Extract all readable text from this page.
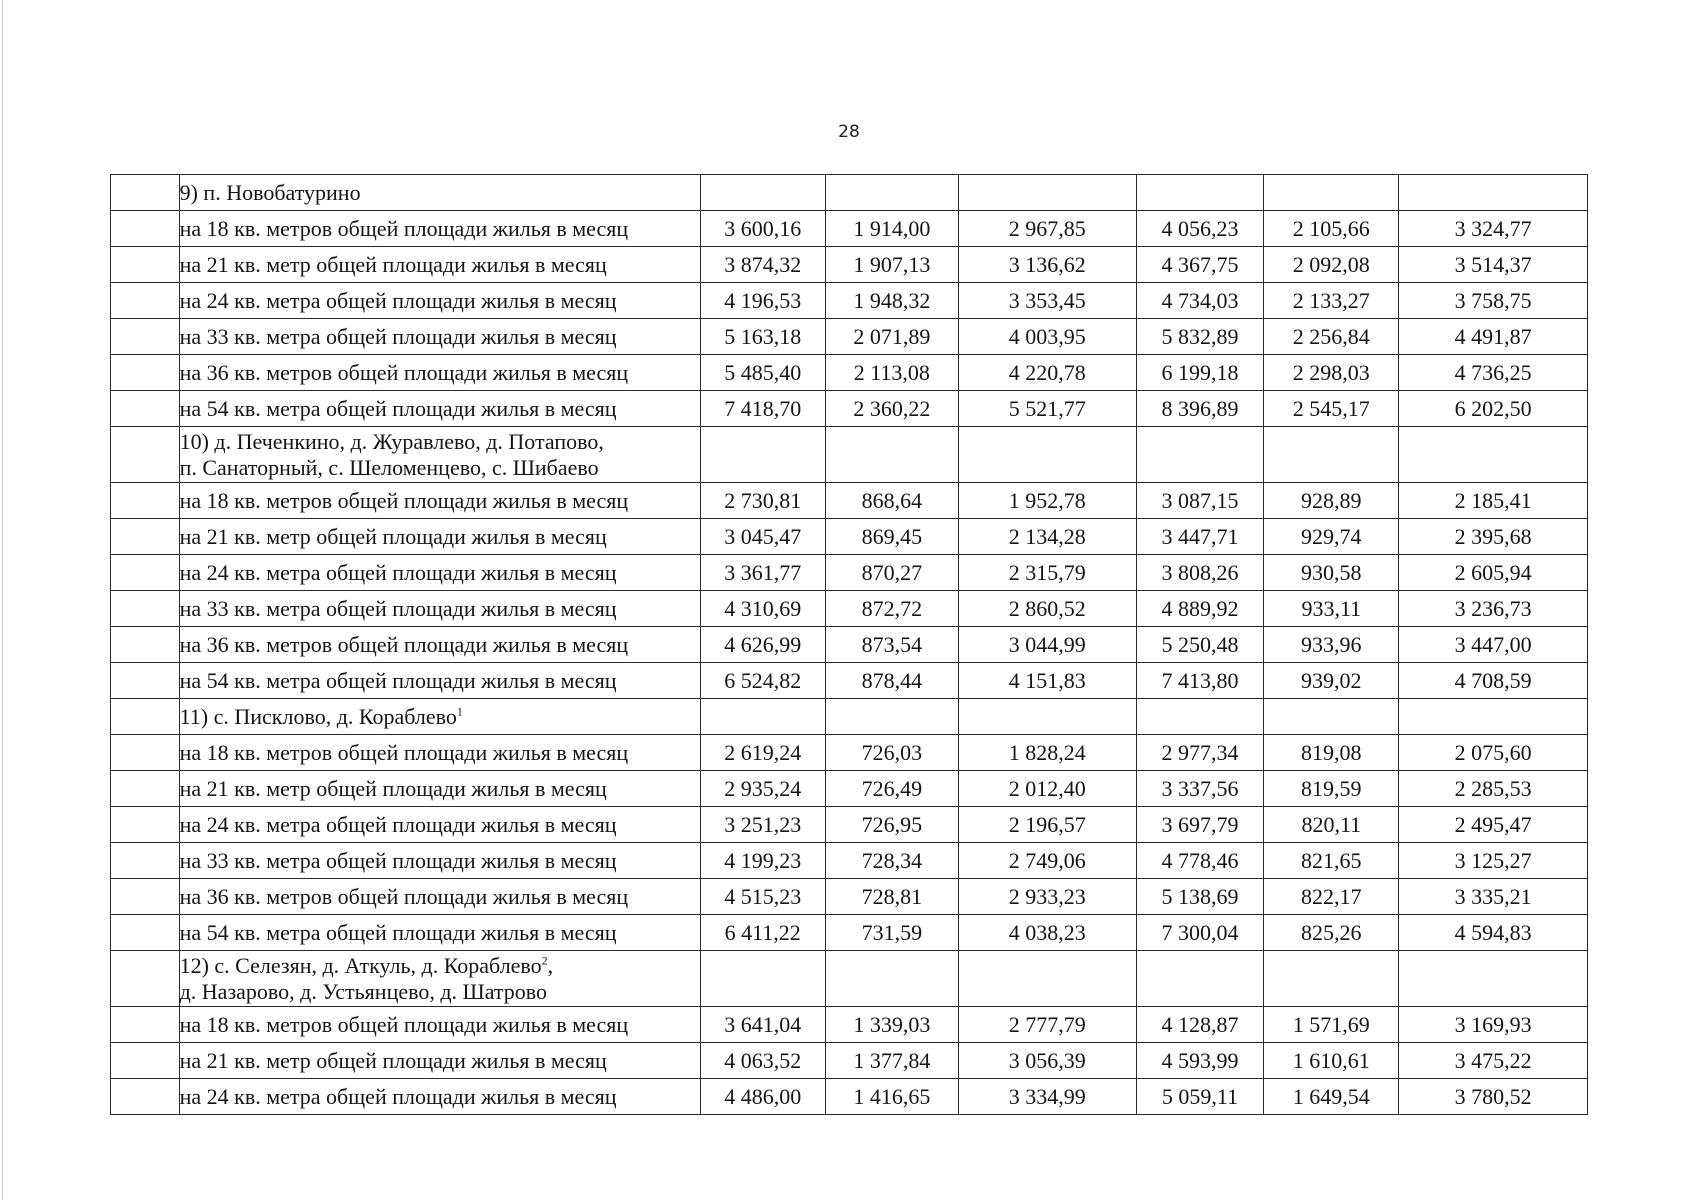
28

	9) п. Новобатурино						

	на 18 кв. метров общей площади жилья в месяц	3 600,16	1 914,00	2 967,85	4 056,23	2 105,66	3 324,77
	на 21 кв. метр общей площади жилья в месяц	3 874,32	1 907,13	3 136,62	4 367,75	2 092,08	3 514,37
	на 24 кв. метра общей площади жилья в месяц	4 196,53	1 948,32	3 353,45	4 734,03	2 133,27	3 758,75
	на 33 кв. метра общей площади жилья в месяц	5 163,18	2 071,89	4 003,95	5 832,89	2 256,84	4 491,87
	на 36 кв. метров общей площади жилья в месяц	5 485,40	2 113,08	4 220,78	6 199,18	2 298,03	4 736,25
	на 54 кв. метра общей площади жилья в месяц	7 418,70	2 360,22	5 521,77	8 396,89	2 545,17	6 202,50

	10) д. Печенкино, д. Журавлево, д. Потапово,
п. Санаторный, с. Шеломенцево, с. Шибаево						

	на 18 кв. метров общей площади жилья в месяц	2 730,81	868,64	1 952,78	3 087,15	928,89	2 185,41
	на 21 кв. метр общей площади жилья в месяц	3 045,47	869,45	2 134,28	3 447,71	929,74	2 395,68
	на 24 кв. метра общей площади жилья в месяц	3 361,77	870,27	2 315,79	3 808,26	930,58	2 605,94
	на 33 кв. метра общей площади жилья в месяц	4 310,69	872,72	2 860,52	4 889,92	933,11	3 236,73
	на 36 кв. метров общей площади жилья в месяц	4 626,99	873,54	3 044,99	5 250,48	933,96	3 447,00
	на 54 кв. метра общей площади жилья в месяц	6 524,82	878,44	4 151,83	7 413,80	939,02	4 708,59

	11) с. Писклово, д. Кораблево$^1$

	на 18 кв. метров общей площади жилья в месяц	2 619,24	726,03	1 828,24	2 977,34	819,08	2 075,60
	на 21 кв. метр общей площади жилья в месяц	2 935,24	726,49	2 012,40	3 337,56	819,59	2 285,53
	на 24 кв. метра общей площади жилья в месяц	3 251,23	726,95	2 196,57	3 697,79	820,11	2 495,47
	на 33 кв. метра общей площади жилья в месяц	4 199,23	728,34	2 749,06	4 778,46	821,65	3 125,27
	на 36 кв. метров общей площади жилья в месяц	4 515,23	728,81	2 933,23	5 138,69	822,17	3 335,21
	на 54 кв. метра общей площади жилья в месяц	6 411,22	731,59	4 038,23	7 300,04	825,26	4 594,83

	12) с. Селезян, д. Аткуль, д. Кораблево$^2$,
д. Назарово, д. Устьянцево, д. Шатрово						

	на 18 кв. метров общей площади жилья в месяц	3 641,04	1 339,03	2 777,79	4 128,87	1 571,69	3 169,93
	на 21 кв. метр общей площади жилья в месяц	4 063,52	1 377,84	3 056,39	4 593,99	1 610,61	3 475,22
	на 24 кв. метра общей площади жилья в месяц	4 486,00	1 416,65	3 334,99	5 059,11	1 649,54	3 780,52
